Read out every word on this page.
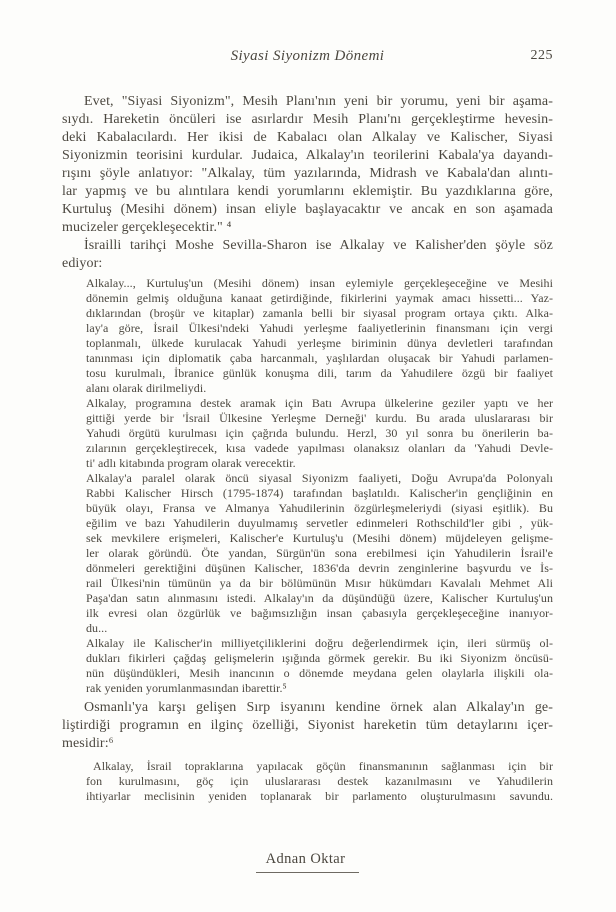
Siyasi Siyonizm Dönemi	225
Evet, "Siyasi Siyonizm", Mesih Planı'nın yeni bir yorumu, yeni bir aşama-
sıydı. Hareketin öncüleri ise asırlardır Mesih Planı'nı gerçekleştirme hevesin-
deki Kabalacılardı. Her ikisi de Kabalacı olan Alkalay ve Kalischer, Siyasi
Siyonizmin teorisini kurdular. Judaica, Alkalay'ın teorilerini Kabala'ya dayandı-
rışını şöyle anlatıyor: "Alkalay, tüm yazılarında, Midrash ve Kabala'dan alıntı-
lar yapmış ve bu alıntılara kendi yorumlarını eklemiştir. Bu yazdıklarına göre,
Kurtuluş (Mesihi dönem) insan eliyle başlayacaktır ve ancak en son aşamada
mucizeler gerçekleşecektir." ⁴
İsrailli tarihçi Moshe Sevilla-Sharon ise Alkalay ve Kalisher'den şöyle söz
ediyor:
Alkalay..., Kurtuluş'un (Mesihi dönem) insan eylemiyle gerçekleşeceğine ve Mesihi
dönemin gelmiş olduğuna kanaat getirdiğinde, fikirlerini yaymak amacı hissetti... Yaz-
dıklarından (broşür ve kitaplar) zamanla belli bir siyasal program ortaya çıktı. Alka-
lay'a göre, İsrail Ülkesi'ndeki Yahudi yerleşme faaliyetlerinin finansmanı için vergi
toplanmalı, ülkede kurulacak Yahudi yerleşme biriminin dünya devletleri tarafından
tanınması için diplomatik çaba harcanmalı, yaşlılardan oluşacak bir Yahudi parlamen-
tosu kurulmalı, İbranice günlük konuşma dili, tarım da Yahudilere özgü bir faaliyet
alanı olarak dirilmeliydi.
Alkalay, programına destek aramak için Batı Avrupa ülkelerine geziler yaptı ve her
gittiği yerde bir 'İsrail Ülkesine Yerleşme Derneği' kurdu. Bu arada uluslararası bir
Yahudi örgütü kurulması için çağrıda bulundu. Herzl, 30 yıl sonra bu önerilerin ba-
zılarının gerçekleştirecek, kısa vadede yapılması olanaksız olanları da 'Yahudi Devle-
ti' adlı kitabında program olarak verecektir.
Alkalay'a paralel olarak öncü siyasal Siyonizm faaliyeti, Doğu Avrupa'da Polonyalı
Rabbi Kalischer Hirsch (1795-1874) tarafından başlatıldı. Kalischer'in gençliğinin en
büyük olayı, Fransa ve Almanya Yahudilerinin özgürleşmeleriydi (siyasi eşitlik). Bu
eğilim ve bazı Yahudilerin duyulmamış servetler edinmeleri Rothschild'ler gibi , yük-
sek mevkilere erişmeleri, Kalischer'e Kurtuluş'u (Mesihi dönem) müjdeleyen gelişme-
ler olarak göründü. Öte yandan, Sürgün'ün sona erebilmesi için Yahudilerin İsrail'e
dönmeleri gerektiğini düşünen Kalischer, 1836'da devrin zenginlerine başvurdu ve İs-
rail Ülkesi'nin tümünün ya da bir bölümünün Mısır hükümdarı Kavalalı Mehmet Ali
Paşa'dan satın alınmasını istedi. Alkalay'ın da düşündüğü üzere, Kalischer Kurtuluş'un
ilk evresi olan özgürlük ve bağımsızlığın insan çabasıyla gerçekleşeceğine inanıyor-
du...
Alkalay ile Kalischer'in milliyetçiliklerini doğru değerlendirmek için, ileri sürmüş ol-
dukları fikirleri çağdaş gelişmelerin ışığında görmek gerekir. Bu iki Siyonizm öncüsü-
nün düşündükleri, Mesih inancının o dönemde meydana gelen olaylarla ilişkili ola-
rak yeniden yorumlanmasından ibarettir.⁵
Osmanlı'ya karşı gelişen Sırp isyanını kendine örnek alan Alkalay'ın ge-
liştirdiği programın en ilginç özelliği, Siyonist hareketin tüm detaylarını içer-
mesidir:⁶
Alkalay, İsrail topraklarına yapılacak göçün finansmanının sağlanması için bir
fon kurulmasını, göç için uluslararası destek kazanılmasını ve Yahudilerin
ihtiyarlar meclisinin yeniden toplanarak bir parlamento oluşturulmasını savundu.
Adnan Oktar
